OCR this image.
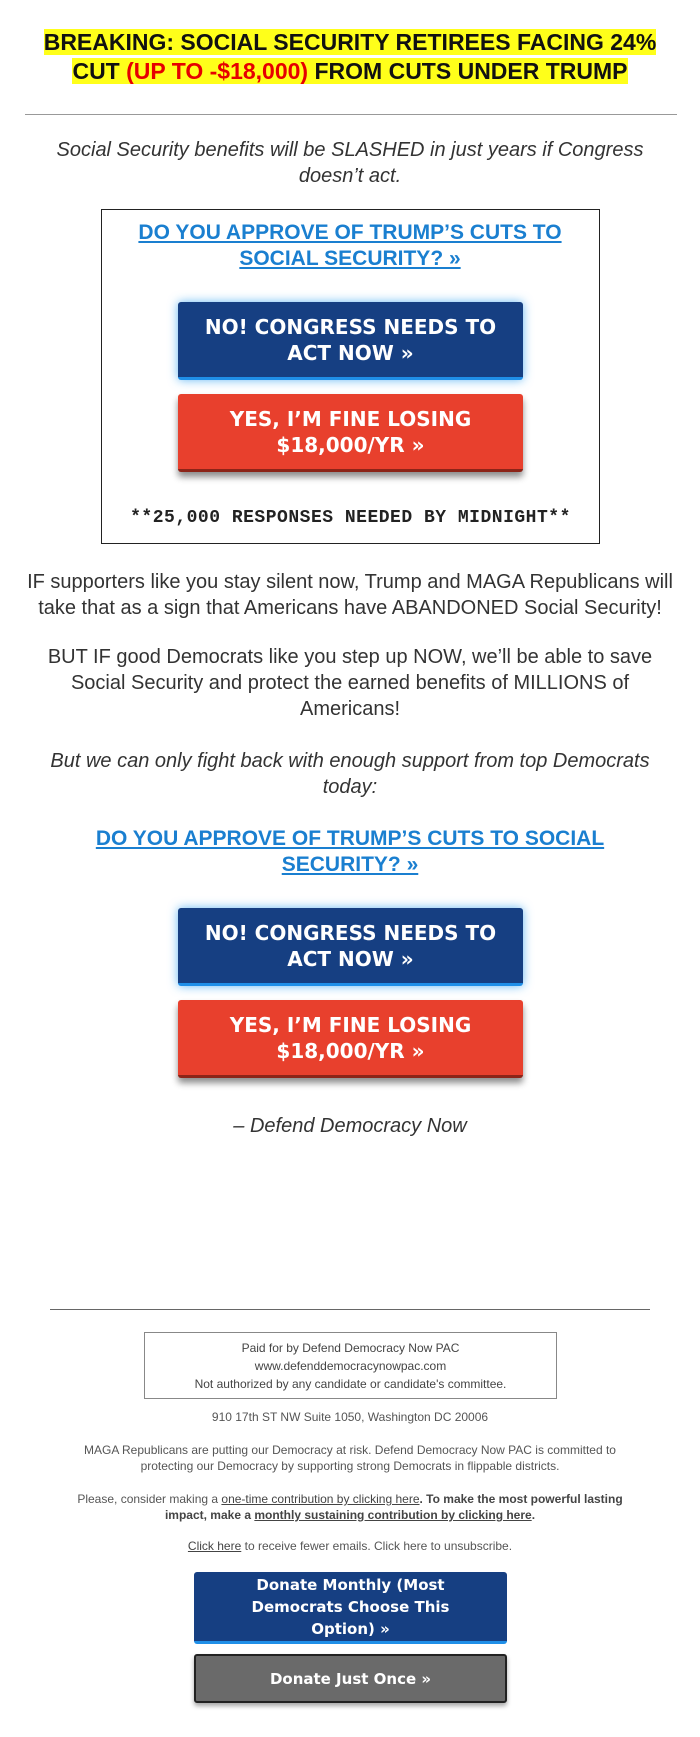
BREAKING: SOCIAL SECURITY RETIREES FACING 24%
CUT (UP TO -$18,000) FROM CUTS UNDER TRUMP
Social Security benefits will be SLASHED in just years if Congress doesn’t act.
DO YOU APPROVE OF TRUMP’S CUTS TO SOCIAL SECURITY? »
NO! CONGRESS NEEDS TO ACT NOW »
YES, I’M FINE LOSING $18,000/YR »
**25,000 RESPONSES NEEDED BY MIDNIGHT**
IF supporters like you stay silent now, Trump and MAGA Republicans will take that as a sign that Americans have ABANDONED Social Security!
BUT IF good Democrats like you step up NOW, we’ll be able to save Social Security and protect the earned benefits of MILLIONS of Americans!
But we can only fight back with enough support from top Democrats today:
DO YOU APPROVE OF TRUMP’S CUTS TO SOCIAL SECURITY? »
NO! CONGRESS NEEDS TO ACT NOW »
YES, I’M FINE LOSING $18,000/YR »
– Defend Democracy Now
Paid for by Defend Democracy Now PAC
www.defenddemocracynowpac.com
Not authorized by any candidate or candidate's committee.
910 17th ST NW Suite 1050, Washington DC 20006
MAGA Republicans are putting our Democracy at risk. Defend Democracy Now PAC is committed to protecting our Democracy by supporting strong Democrats in flippable districts.
Please, consider making a one-time contribution by clicking here. To make the most powerful lasting impact, make a monthly sustaining contribution by clicking here.
Click here to receive fewer emails. Click here to unsubscribe.
Donate Monthly (Most Democrats Choose This Option) »
Donate Just Once »
